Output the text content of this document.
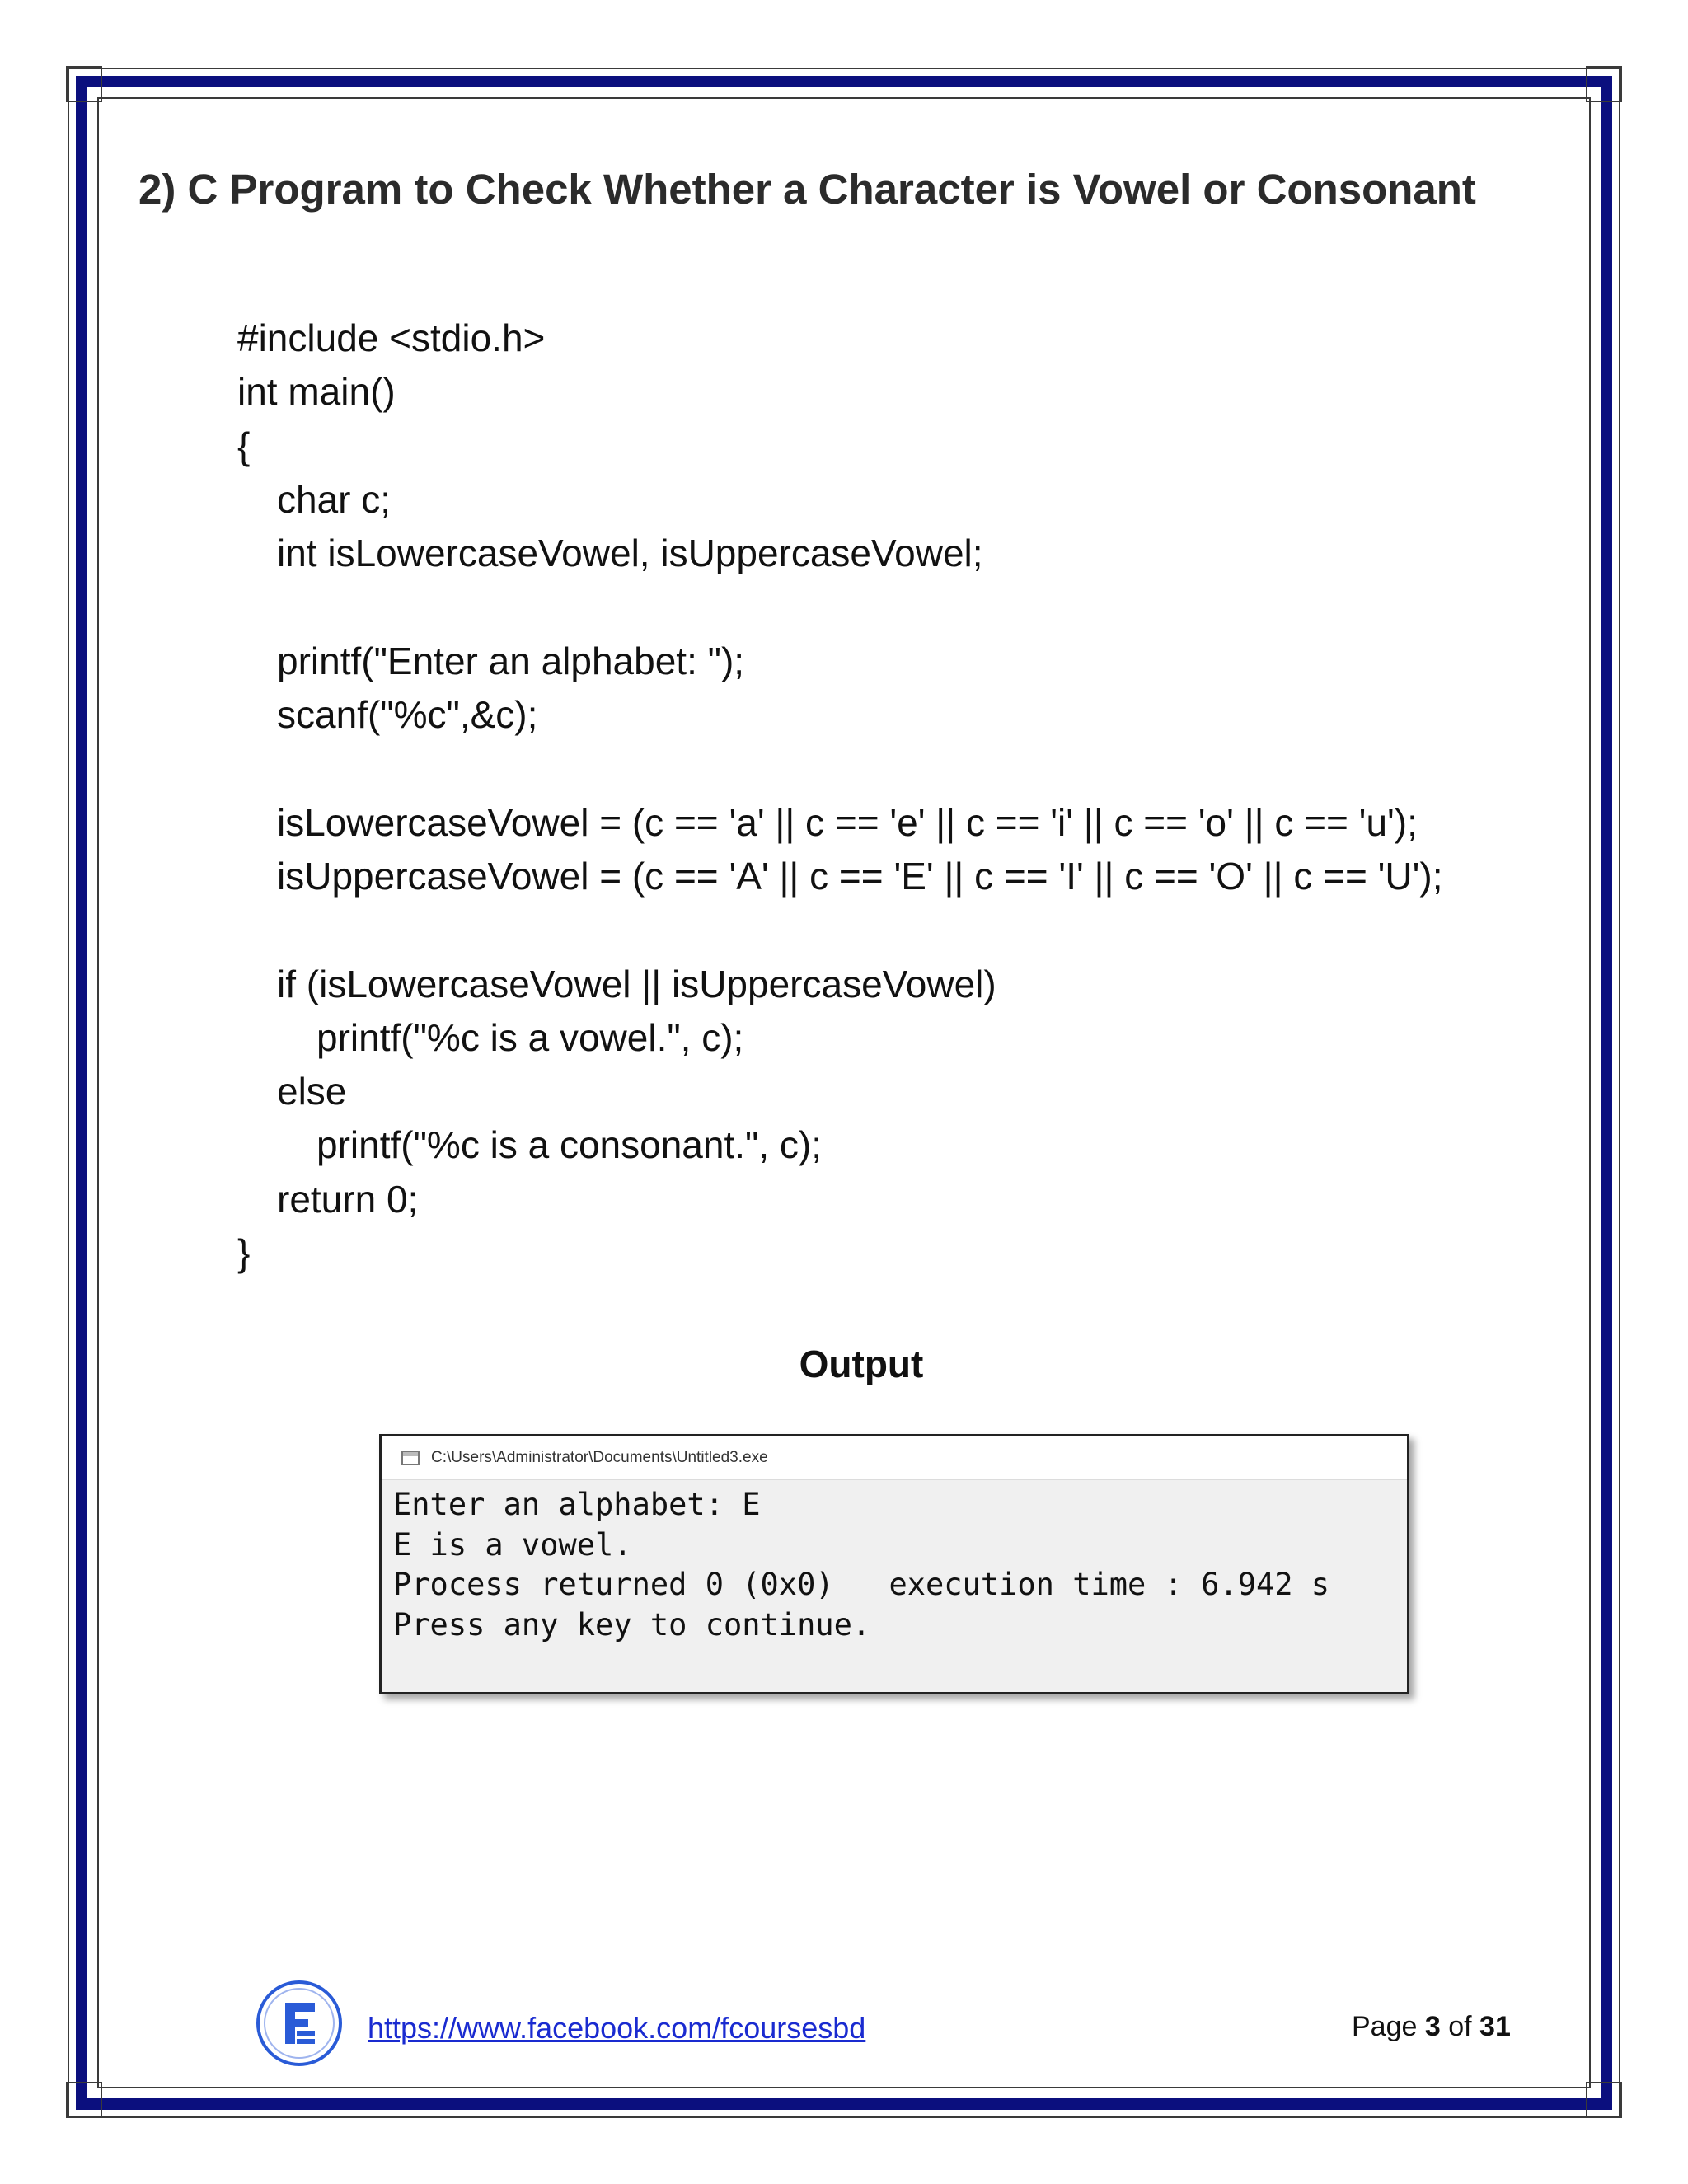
2) C Program to Check Whether a Character is Vowel or Consonant
#include <stdio.h>
int main()
{
char c;
int isLowercaseVowel, isUppercaseVowel;
printf("Enter an alphabet: ");
scanf("%c",&c);
isLowercaseVowel = (c == 'a' || c == 'e' || c == 'i' || c == 'o' || c == 'u');
isUppercaseVowel = (c == 'A' || c == 'E' || c == 'I' || c == 'O' || c == 'U');
if (isLowercaseVowel || isUppercaseVowel)
printf("%c is a vowel.", c);
else
printf("%c is a consonant.", c);
return 0;
}
Output
C:\Users\Administrator\Documents\Untitled3.exe
Enter an alphabet: E
E is a vowel.
Process returned 0 (0x0)   execution time : 6.942 s
Press any key to continue.
https://www.facebook.com/fcoursesbd	Page 3 of 31
